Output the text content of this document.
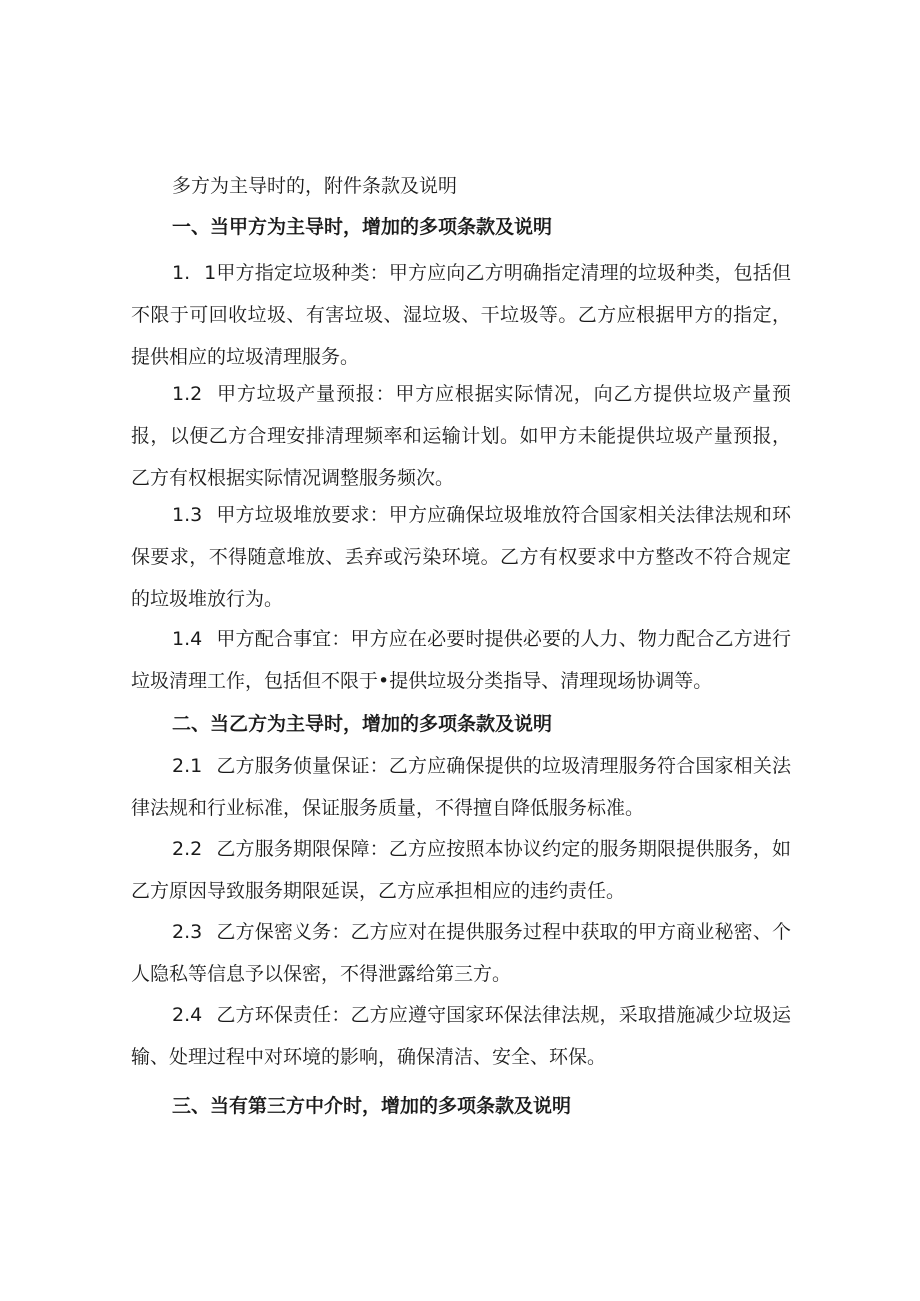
多方为主导时的，附件条款及说明
一、当甲方为主导时，增加的多项条款及说明
1. 1甲方指定垃圾种类：甲方应向乙方明确指定清理的垃圾种类，包括但不限于可回收垃圾、有害垃圾、湿垃圾、干垃圾等。乙方应根据甲方的指定，提供相应的垃圾清理服务。
1.2 甲方垃圾产量预报：甲方应根据实际情况，向乙方提供垃圾产量预报，以便乙方合理安排清理频率和运输计划。如甲方未能提供垃圾产量预报，乙方有权根据实际情况调整服务频次。
1.3 甲方垃圾堆放要求：甲方应确保垃圾堆放符合国家相关法律法规和环保要求，不得随意堆放、丢弃或污染环境。乙方有权要求中方整改不符合规定的垃圾堆放行为。
1.4 甲方配合事宜：甲方应在必要时提供必要的人力、物力配合乙方进行垃圾清理工作，包括但不限于•提供垃圾分类指导、清理现场协调等。
二、当乙方为主导时，增加的多项条款及说明
2.1 乙方服务侦量保证：乙方应确保提供的垃圾清理服务符合国家相关法律法规和行业标准，保证服务质量，不得擅自降低服务标准。
2.2 乙方服务期限保障：乙方应按照本协议约定的服务期限提供服务，如乙方原因导致服务期限延误，乙方应承担相应的违约责任。
2.3 乙方保密义务：乙方应对在提供服务过程中获取的甲方商业秘密、个人隐私等信息予以保密，不得泄露给第三方。
2.4 乙方环保责任：乙方应遵守国家环保法律法规，采取措施减少垃圾运输、处理过程中对环境的影响，确保清洁、安全、环保。
三、当有第三方中介时，增加的多项条款及说明
